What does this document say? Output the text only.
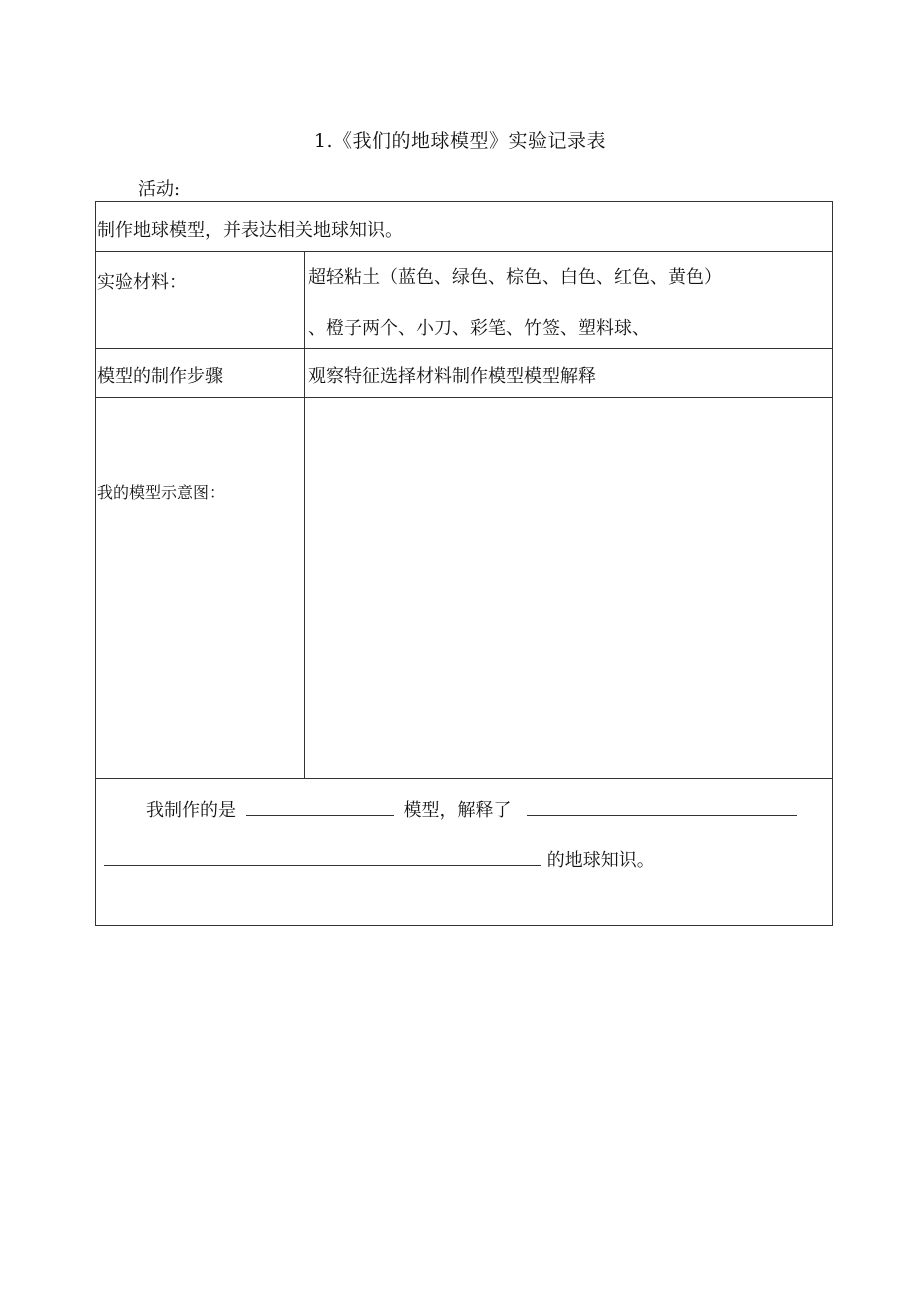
1.《我们的地球模型》实验记录表
活动:
制作地球模型，并表达相关地球知识。
实验材料：	超轻粘土（蓝色、绿色、棕色、白色、红色、黄色）
、橙子两个、小刀、彩笔、竹签、塑料球、
模型的制作步骤	观察特征选择材料制作模型模型解释
我的模型示意图：
我制作的是	模型，解释了
的地球知识。
